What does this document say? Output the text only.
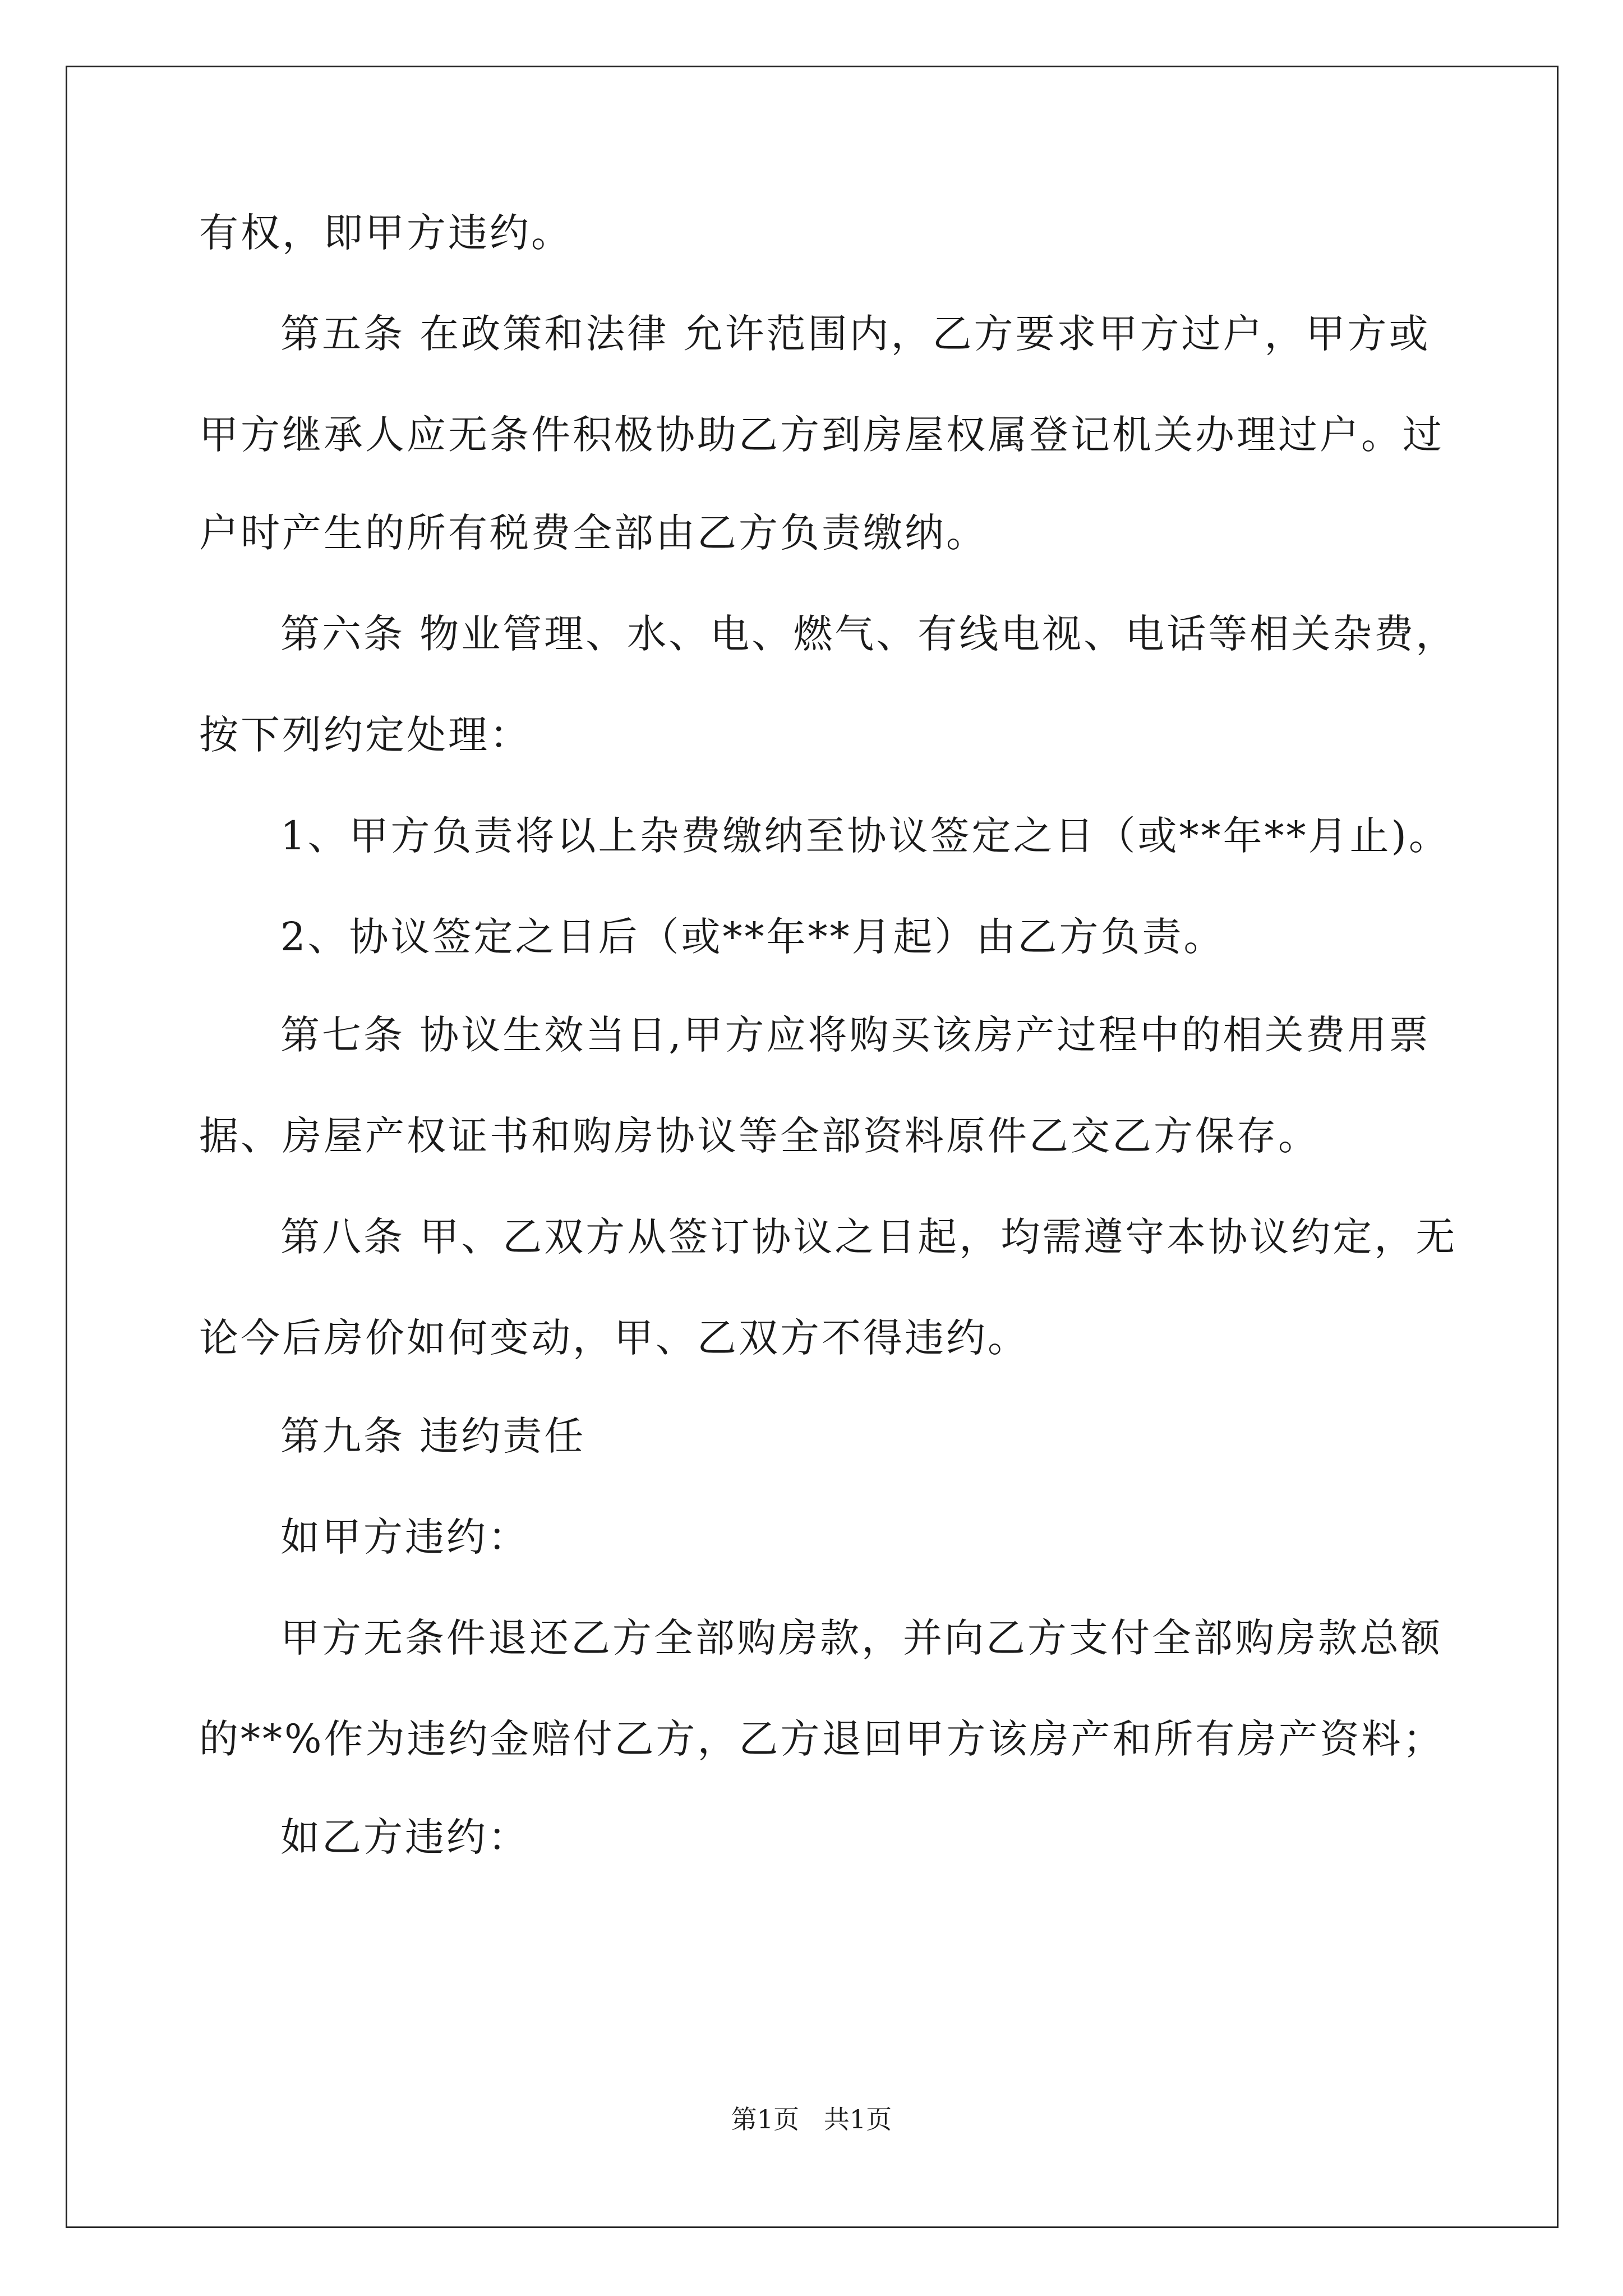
有权，即甲方违约。
第五条 在政策和法律 允许范围内，乙方要求甲方过户，甲方或
甲方继承人应无条件积极协助乙方到房屋权属登记机关办理过户。过
户时产生的所有税费全部由乙方负责缴纳。
第六条 物业管理、水、电、燃气、有线电视、电话等相关杂费，
按下列约定处理：
1、甲方负责将以上杂费缴纳至协议签定之日（或**年**月止)。
2、协议签定之日后（或**年**月起）由乙方负责。
第七条 协议生效当日,甲方应将购买该房产过程中的相关费用票
据、房屋产权证书和购房协议等全部资料原件乙交乙方保存。
第八条 甲、乙双方从签订协议之日起，均需遵守本协议约定，无
论今后房价如何变动，甲、乙双方不得违约。
第九条 违约责任
如甲方违约：
甲方无条件退还乙方全部购房款，并向乙方支付全部购房款总额
的**%作为违约金赔付乙方，乙方退回甲方该房产和所有房产资料；
如乙方违约：
第1页   共1页
